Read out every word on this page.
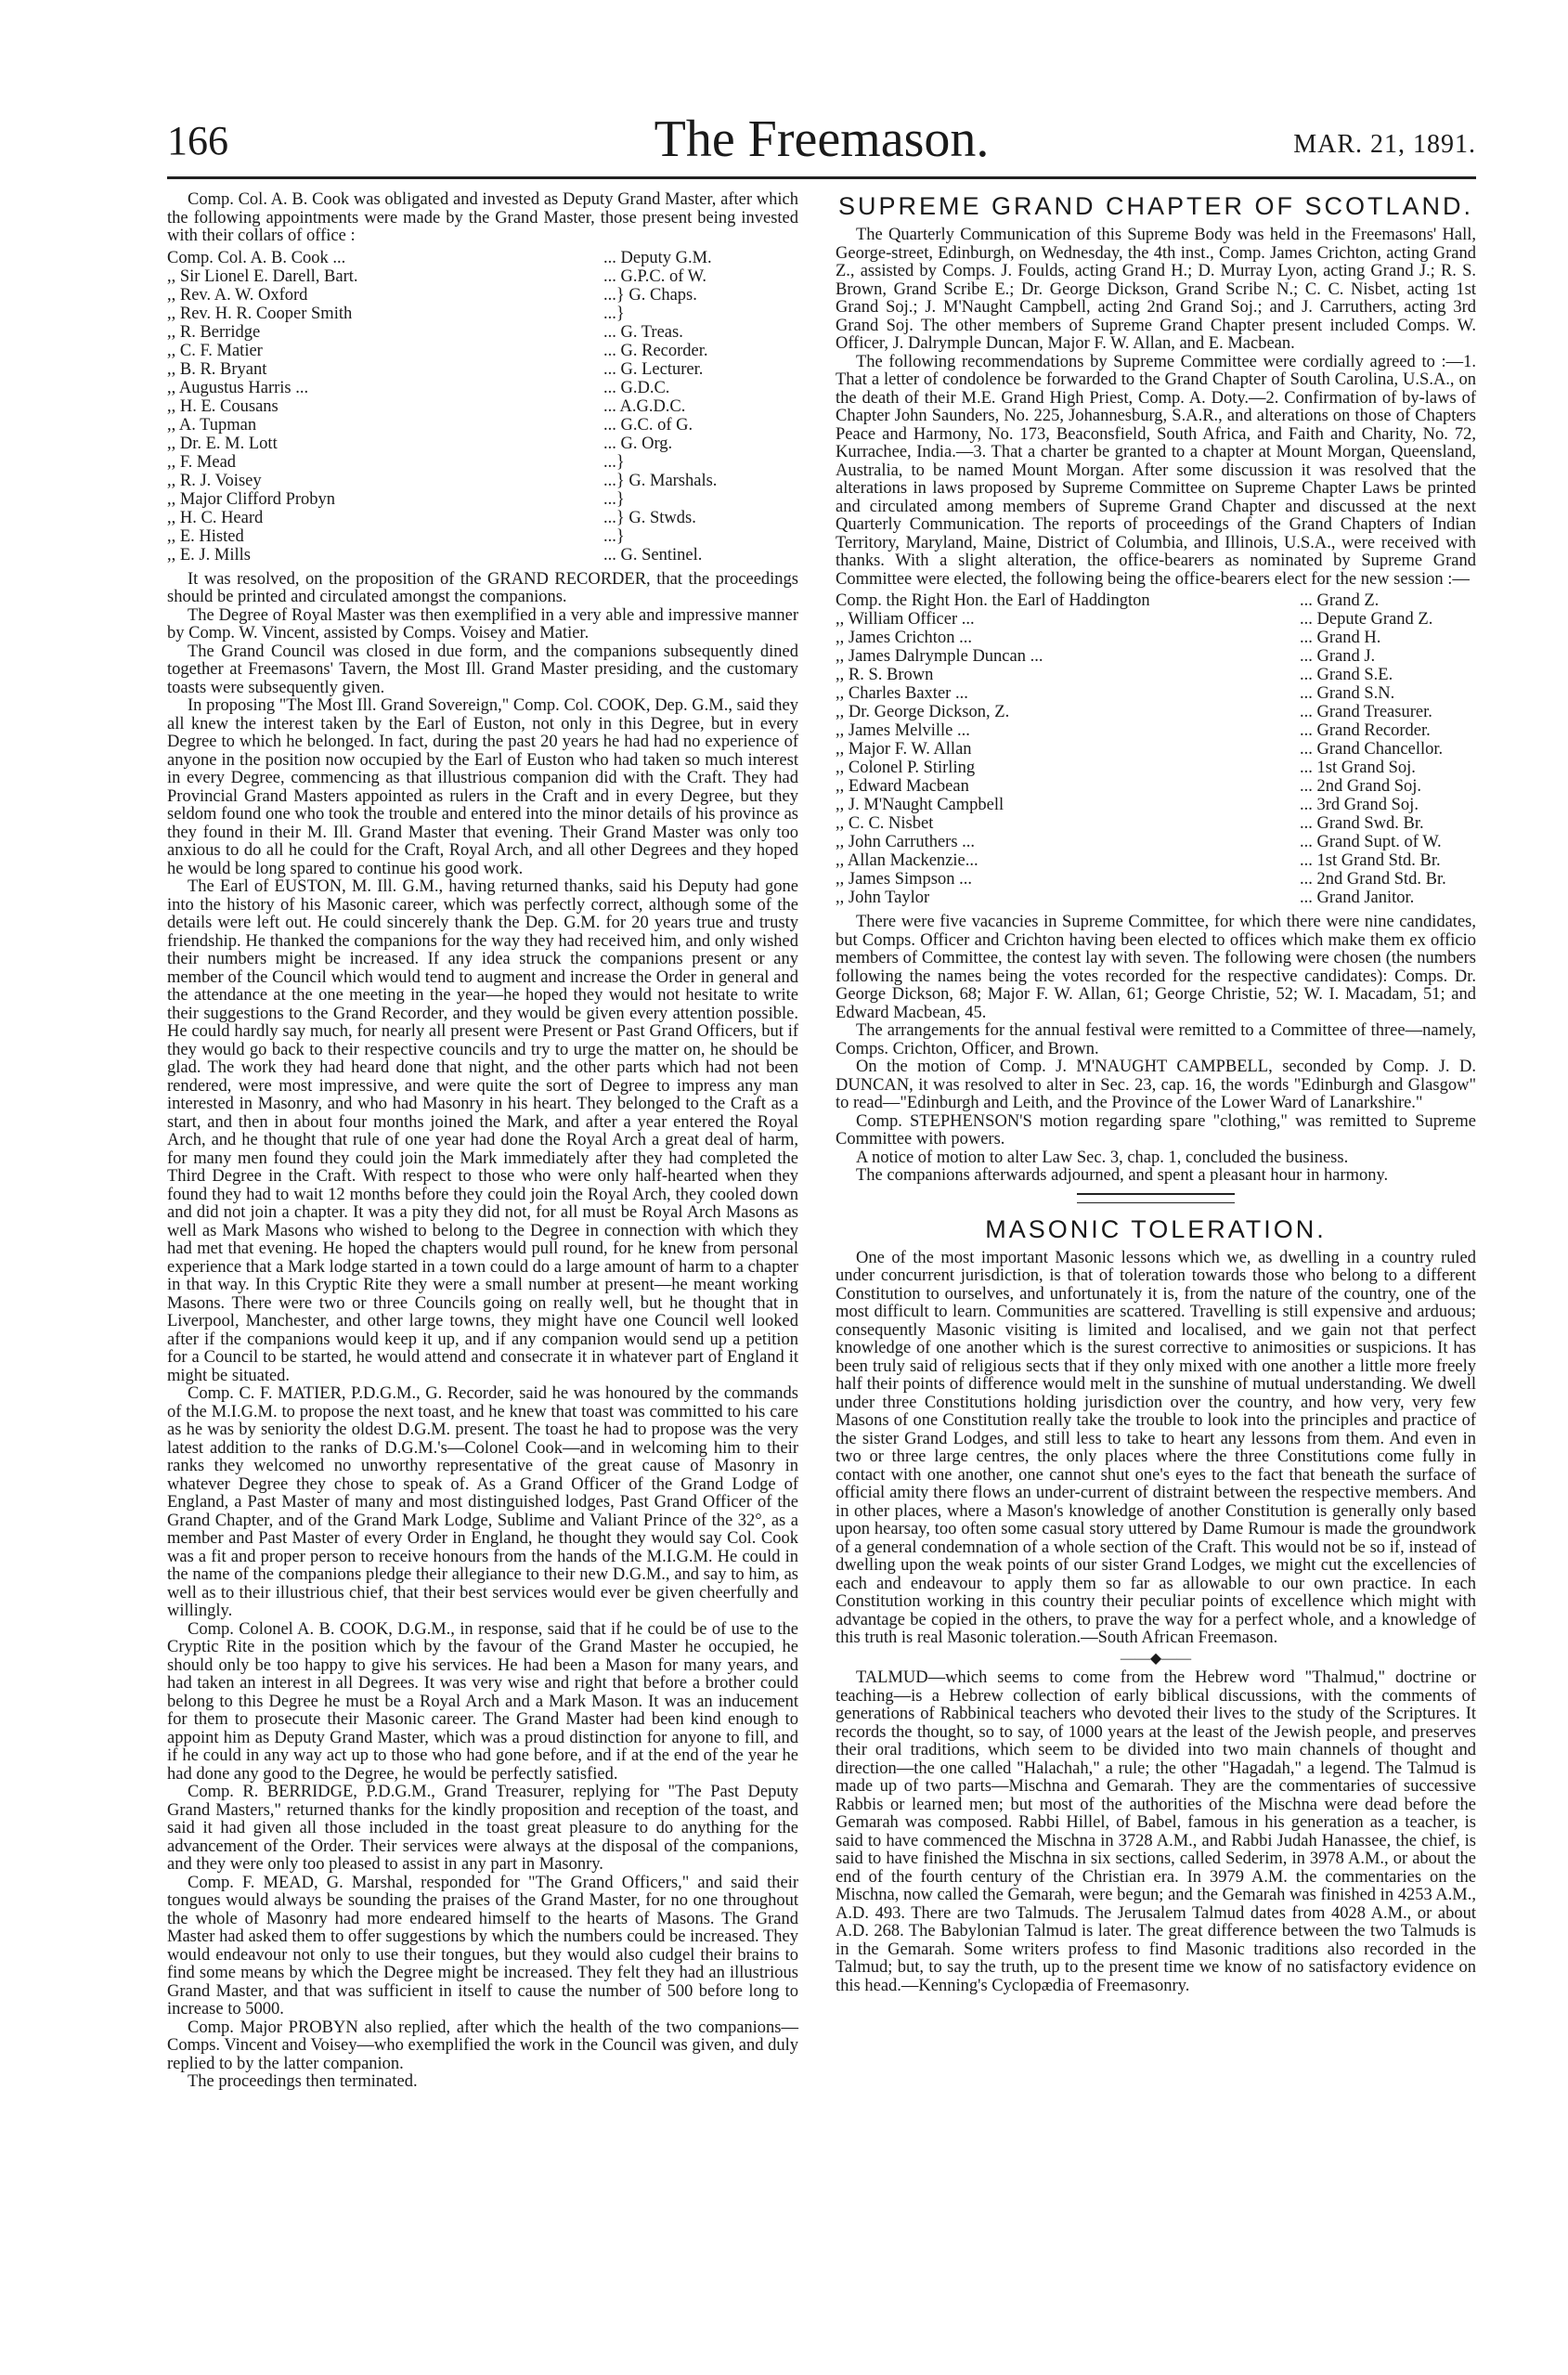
166	The Freemason.	MAR. 21, 1891.

Comp. Col. A. B. Cook was obligated and invested as Deputy Grand Master, after which the following appointments were made by the Grand Master, those present being invested with their collars of office :

Comp. Col. A. B. Cook ...	... Deputy G.M.
,, Sir Lionel E. Darell, Bart.	... G.P.C. of W.
,, Rev. A. W. Oxford	...} G. Chaps.
,, Rev. H. R. Cooper Smith	...}
,, R. Berridge	... G. Treas.
,, C. F. Matier	... G. Recorder.
,, B. R. Bryant	... G. Lecturer.
,, Augustus Harris ...	... G.D.C.
,, H. E. Cousans	... A.G.D.C.
,, A. Tupman	... G.C. of G.
,, Dr. E. M. Lott	... G. Org.
,, F. Mead	...}
,, R. J. Voisey	...} G. Marshals.
,, Major Clifford Probyn	...}
,, H. C. Heard	...} G. Stwds.
,, E. Histed	...}
,, E. J. Mills	... G. Sentinel.

It was resolved, on the proposition of the GRAND RECORDER, that the proceedings should be printed and circulated amongst the companions.

The Degree of Royal Master was then exemplified in a very able and impressive manner by Comp. W. Vincent, assisted by Comps. Voisey and Matier.

The Grand Council was closed in due form, and the companions subsequently dined together at Freemasons' Tavern, the Most Ill. Grand Master presiding, and the customary toasts were subsequently given.

In proposing "The Most Ill. Grand Sovereign," Comp. Col. COOK, Dep. G.M., said they all knew the interest taken by the Earl of Euston, not only in this Degree, but in every Degree to which he belonged. In fact, during the past 20 years he had had no experience of anyone in the position now occupied by the Earl of Euston who had taken so much interest in every Degree, commencing as that illustrious companion did with the Craft. They had Provincial Grand Masters appointed as rulers in the Craft and in every Degree, but they seldom found one who took the trouble and entered into the minor details of his province as they found in their M. Ill. Grand Master that evening. Their Grand Master was only too anxious to do all he could for the Craft, Royal Arch, and all other Degrees and they hoped he would be long spared to continue his good work.

The Earl of EUSTON, M. Ill. G.M., having returned thanks, said his Deputy had gone into the history of his Masonic career, which was perfectly correct, although some of the details were left out. He could sincerely thank the Dep. G.M. for 20 years true and trusty friendship. He thanked the companions for the way they had received him, and only wished their numbers might be increased. If any idea struck the companions present or any member of the Council which would tend to augment and increase the Order in general and the attendance at the one meeting in the year—he hoped they would not hesitate to write their suggestions to the Grand Recorder, and they would be given every attention possible. He could hardly say much, for nearly all present were Present or Past Grand Officers, but if they would go back to their respective councils and try to urge the matter on, he should be glad. The work they had heard done that night, and the other parts which had not been rendered, were most impressive, and were quite the sort of Degree to impress any man interested in Masonry, and who had Masonry in his heart. They belonged to the Craft as a start, and then in about four months joined the Mark, and after a year entered the Royal Arch, and he thought that rule of one year had done the Royal Arch a great deal of harm, for many men found they could join the Mark immediately after they had completed the Third Degree in the Craft. With respect to those who were only half-hearted when they found they had to wait 12 months before they could join the Royal Arch, they cooled down and did not join a chapter. It was a pity they did not, for all must be Royal Arch Masons as well as Mark Masons who wished to belong to the Degree in connection with which they had met that evening. He hoped the chapters would pull round, for he knew from personal experience that a Mark lodge started in a town could do a large amount of harm to a chapter in that way. In this Cryptic Rite they were a small number at present—he meant working Masons. There were two or three Councils going on really well, but he thought that in Liverpool, Manchester, and other large towns, they might have one Council well looked after if the companions would keep it up, and if any companion would send up a petition for a Council to be started, he would attend and consecrate it in whatever part of England it might be situated.

Comp. C. F. MATIER, P.D.G.M., G. Recorder, said he was honoured by the commands of the M.I.G.M. to propose the next toast, and he knew that toast was committed to his care as he was by seniority the oldest D.G.M. present. The toast he had to propose was the very latest addition to the ranks of D.G.M.'s—Colonel Cook—and in welcoming him to their ranks they welcomed no unworthy representative of the great cause of Masonry in whatever Degree they chose to speak of. As a Grand Officer of the Grand Lodge of England, a Past Master of many and most distinguished lodges, Past Grand Officer of the Grand Chapter, and of the Grand Mark Lodge, Sublime and Valiant Prince of the 32°, as a member and Past Master of every Order in England, he thought they would say Col. Cook was a fit and proper person to receive honours from the hands of the M.I.G.M. He could in the name of the companions pledge their allegiance to their new D.G.M., and say to him, as well as to their illustrious chief, that their best services would ever be given cheerfully and willingly.

Comp. Colonel A. B. COOK, D.G.M., in response, said that if he could be of use to the Cryptic Rite in the position which by the favour of the Grand Master he occupied, he should only be too happy to give his services. He had been a Mason for many years, and had taken an interest in all Degrees. It was very wise and right that before a brother could belong to this Degree he must be a Royal Arch and a Mark Mason. It was an inducement for them to prosecute their Masonic career. The Grand Master had been kind enough to appoint him as Deputy Grand Master, which was a proud distinction for anyone to fill, and if he could in any way act up to those who had gone before, and if at the end of the year he had done any good to the Degree, he would be perfectly satisfied.

Comp. R. BERRIDGE, P.D.G.M., Grand Treasurer, replying for "The Past Deputy Grand Masters," returned thanks for the kindly proposition and reception of the toast, and said it had given all those included in the toast great pleasure to do anything for the advancement of the Order. Their services were always at the disposal of the companions, and they were only too pleased to assist in any part in Masonry.

Comp. F. MEAD, G. Marshal, responded for "The Grand Officers," and said their tongues would always be sounding the praises of the Grand Master, for no one throughout the whole of Masonry had more endeared himself to the hearts of Masons. The Grand Master had asked them to offer suggestions by which the numbers could be increased. They would endeavour not only to use their tongues, but they would also cudgel their brains to find some means by which the Degree might be increased. They felt they had an illustrious Grand Master, and that was sufficient in itself to cause the number of 500 before long to increase to 5000.

Comp. Major PROBYN also replied, after which the health of the two companions—Comps. Vincent and Voisey—who exemplified the work in the Council was given, and duly replied to by the latter companion.

The proceedings then terminated.

SUPREME GRAND CHAPTER OF SCOTLAND.

The Quarterly Communication of this Supreme Body was held in the Freemasons' Hall, George-street, Edinburgh, on Wednesday, the 4th inst., Comp. James Crichton, acting Grand Z., assisted by Comps. J. Foulds, acting Grand H.; D. Murray Lyon, acting Grand J.; R. S. Brown, Grand Scribe E.; Dr. George Dickson, Grand Scribe N.; C. C. Nisbet, acting 1st Grand Soj.; J. M'Naught Campbell, acting 2nd Grand Soj.; and J. Carruthers, acting 3rd Grand Soj. The other members of Supreme Grand Chapter present included Comps. W. Officer, J. Dalrymple Duncan, Major F. W. Allan, and E. Macbean.

The following recommendations by Supreme Committee were cordially agreed to :—1. That a letter of condolence be forwarded to the Grand Chapter of South Carolina, U.S.A., on the death of their M.E. Grand High Priest, Comp. A. Doty.—2. Confirmation of by-laws of Chapter John Saunders, No. 225, Johannesburg, S.A.R., and alterations on those of Chapters Peace and Harmony, No. 173, Beaconsfield, South Africa, and Faith and Charity, No. 72, Kurrachee, India.—3. That a charter be granted to a chapter at Mount Morgan, Queensland, Australia, to be named Mount Morgan. After some discussion it was resolved that the alterations in laws proposed by Supreme Committee on Supreme Chapter Laws be printed and circulated among members of Supreme Grand Chapter and discussed at the next Quarterly Communication. The reports of proceedings of the Grand Chapters of Indian Territory, Maryland, Maine, District of Columbia, and Illinois, U.S.A., were received with thanks. With a slight alteration, the office-bearers as nominated by Supreme Grand Committee were elected, the following being the office-bearers elect for the new session :—

Comp. the Right Hon. the Earl of Haddington	... Grand Z.
,, William Officer ...	... Depute Grand Z.
,, James Crichton ...	... Grand H.
,, James Dalrymple Duncan ...	... Grand J.
,, R. S. Brown	... Grand S.E.
,, Charles Baxter ...	... Grand S.N.
,, Dr. George Dickson, Z.	... Grand Treasurer.
,, James Melville ...	... Grand Recorder.
,, Major F. W. Allan	... Grand Chancellor.
,, Colonel P. Stirling	... 1st Grand Soj.
,, Edward Macbean	... 2nd Grand Soj.
,, J. M'Naught Campbell	... 3rd Grand Soj.
,, C. C. Nisbet	... Grand Swd. Br.
,, John Carruthers ...	... Grand Supt. of W.
,, Allan Mackenzie...	... 1st Grand Std. Br.
,, James Simpson ...	... 2nd Grand Std. Br.
,, John Taylor	... Grand Janitor.

There were five vacancies in Supreme Committee, for which there were nine candidates, but Comps. Officer and Crichton having been elected to offices which make them ex officio members of Committee, the contest lay with seven. The following were chosen (the numbers following the names being the votes recorded for the respective candidates): Comps. Dr. George Dickson, 68; Major F. W. Allan, 61; George Christie, 52; W. I. Macadam, 51; and Edward Macbean, 45.

The arrangements for the annual festival were remitted to a Committee of three—namely, Comps. Crichton, Officer, and Brown.

On the motion of Comp. J. M'NAUGHT CAMPBELL, seconded by Comp. J. D. DUNCAN, it was resolved to alter in Sec. 23, cap. 16, the words "Edinburgh and Glasgow" to read—"Edinburgh and Leith, and the Province of the Lower Ward of Lanarkshire."

Comp. STEPHENSON'S motion regarding spare "clothing," was remitted to Supreme Committee with powers.

A notice of motion to alter Law Sec. 3, chap. 1, concluded the business.

The companions afterwards adjourned, and spent a pleasant hour in harmony.

MASONIC TOLERATION.

One of the most important Masonic lessons which we, as dwelling in a country ruled under concurrent jurisdiction, is that of toleration towards those who belong to a different Constitution to ourselves, and unfortunately it is, from the nature of the country, one of the most difficult to learn. Communities are scattered. Travelling is still expensive and arduous; consequently Masonic visiting is limited and localised, and we gain not that perfect knowledge of one another which is the surest corrective to animosities or suspicions. It has been truly said of religious sects that if they only mixed with one another a little more freely half their points of difference would melt in the sunshine of mutual understanding. We dwell under three Constitutions holding jurisdiction over the country, and how very, very few Masons of one Constitution really take the trouble to look into the principles and practice of the sister Grand Lodges, and still less to take to heart any lessons from them. And even in two or three large centres, the only places where the three Constitutions come fully in contact with one another, one cannot shut one's eyes to the fact that beneath the surface of official amity there flows an under-current of distraint between the respective members. And in other places, where a Mason's knowledge of another Constitution is generally only based upon hearsay, too often some casual story uttered by Dame Rumour is made the groundwork of a general condemnation of a whole section of the Craft. This would not be so if, instead of dwelling upon the weak points of our sister Grand Lodges, we might cut the excellencies of each and endeavour to apply them so far as allowable to our own practice. In each Constitution working in this country their peculiar points of excellence which might with advantage be copied in the others, to prave the way for a perfect whole, and a knowledge of this truth is real Masonic toleration.—South African Freemason.

——◆——

TALMUD—which seems to come from the Hebrew word "Thalmud," doctrine or teaching—is a Hebrew collection of early biblical discussions, with the comments of generations of Rabbinical teachers who devoted their lives to the study of the Scriptures. It records the thought, so to say, of 1000 years at the least of the Jewish people, and preserves their oral traditions, which seem to be divided into two main channels of thought and direction—the one called "Halachah," a rule; the other "Hagadah," a legend. The Talmud is made up of two parts—Mischna and Gemarah. They are the commentaries of successive Rabbis or learned men; but most of the authorities of the Mischna were dead before the Gemarah was composed. Rabbi Hillel, of Babel, famous in his generation as a teacher, is said to have commenced the Mischna in 3728 A.M., and Rabbi Judah Hanassee, the chief, is said to have finished the Mischna in six sections, called Sederim, in 3978 A.M., or about the end of the fourth century of the Christian era. In 3979 A.M. the commentaries on the Mischna, now called the Gemarah, were begun; and the Gemarah was finished in 4253 A.M., A.D. 493. There are two Talmuds. The Jerusalem Talmud dates from 4028 A.M., or about A.D. 268. The Babylonian Talmud is later. The great difference between the two Talmuds is in the Gemarah. Some writers profess to find Masonic traditions also recorded in the Talmud; but, to say the truth, up to the present time we know of no satisfactory evidence on this head.—Kenning's Cyclopædia of Freemasonry.
